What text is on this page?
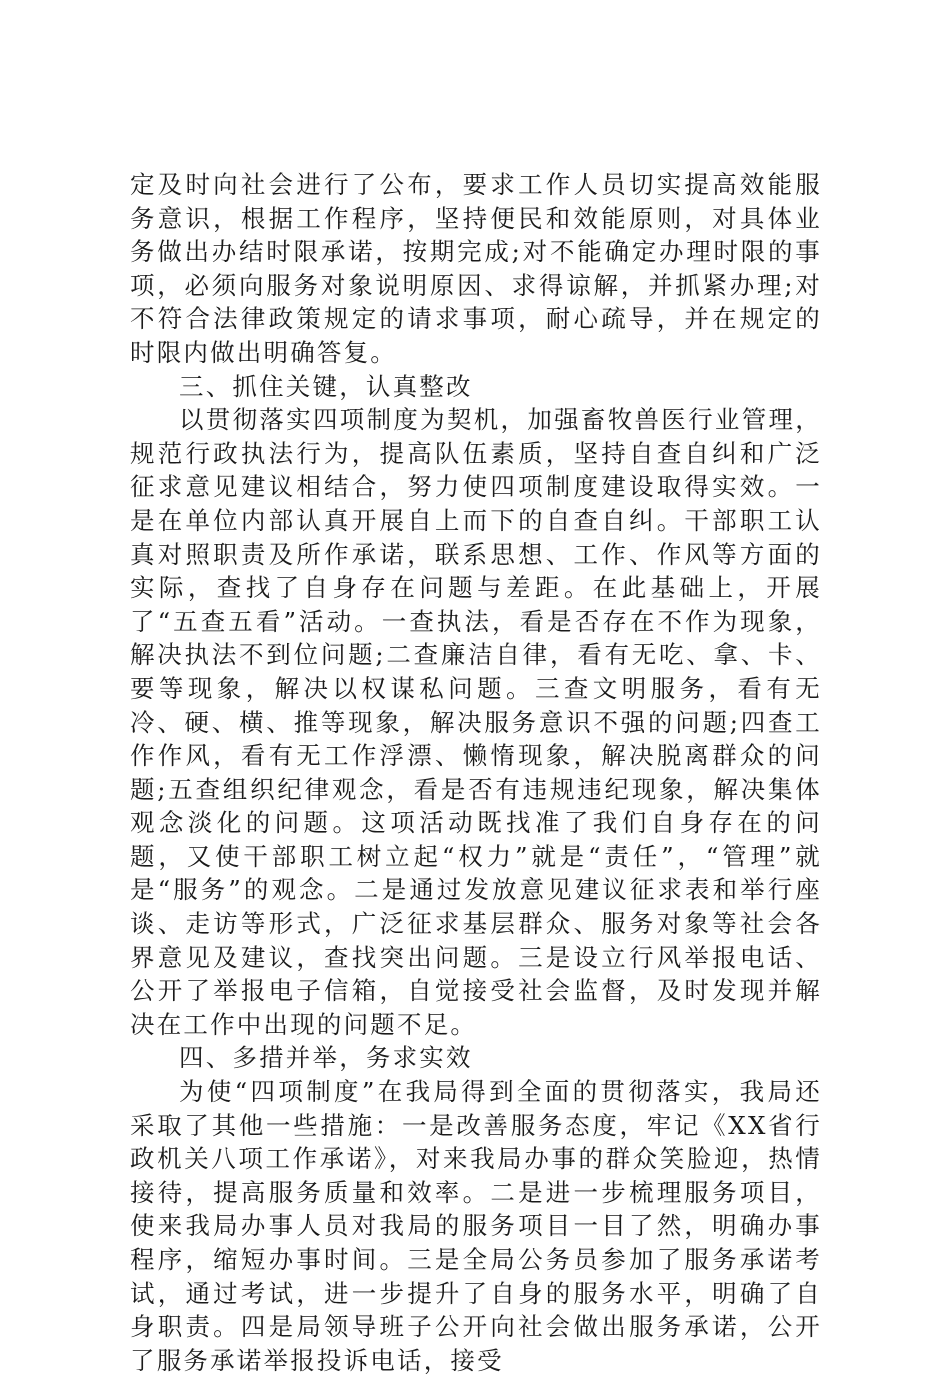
定及时向社会进行了公布，要求工作人员切实提高效能服务意识，根据工作程序，坚持便民和效能原则，对具体业务做出办结时限承诺，按期完成;对不能确定办理时限的事项，必须向服务对象说明原因、求得谅解，并抓紧办理;对不符合法律政策规定的请求事项，耐心疏导，并在规定的时限内做出明确答复。

三、抓住关键，认真整改

以贯彻落实四项制度为契机，加强畜牧兽医行业管理，规范行政执法行为，提高队伍素质，坚持自查自纠和广泛征求意见建议相结合，努力使四项制度建设取得实效。一是在单位内部认真开展自上而下的自查自纠。干部职工认真对照职责及所作承诺，联系思想、工作、作风等方面的实际，查找了自身存在问题与差距。在此基础上，开展了“五查五看”活动。一查执法，看是否存在不作为现象，解决执法不到位问题;二查廉洁自律，看有无吃、拿、卡、要等现象，解决以权谋私问题。三查文明服务，看有无冷、硬、横、推等现象，解决服务意识不强的问题;四查工作作风，看有无工作浮漂、懒惰现象，解决脱离群众的问题;五查组织纪律观念，看是否有违规违纪现象，解决集体观念淡化的问题。这项活动既找准了我们自身存在的问题，又使干部职工树立起“权力”就是“责任”，“管理”就是“服务”的观念。二是通过发放意见建议征求表和举行座谈、走访等形式，广泛征求基层群众、服务对象等社会各界意见及建议，查找突出问题。三是设立行风举报电话、公开了举报电子信箱，自觉接受社会监督，及时发现并解决在工作中出现的问题不足。

四、多措并举，务求实效

为使“四项制度”在我局得到全面的贯彻落实，我局还采取了其他一些措施：一是改善服务态度，牢记《XX省行政机关八项工作承诺》，对来我局办事的群众笑脸迎，热情接待，提高服务质量和效率。二是进一步梳理服务项目，使来我局办事人员对我局的服务项目一目了然，明确办事程序，缩短办事时间。三是全局公务员参加了服务承诺考试，通过考试，进一步提升了自身的服务水平，明确了自身职责。四是局领导班子公开向社会做出服务承诺，公开了服务承诺举报投诉电话，接受
